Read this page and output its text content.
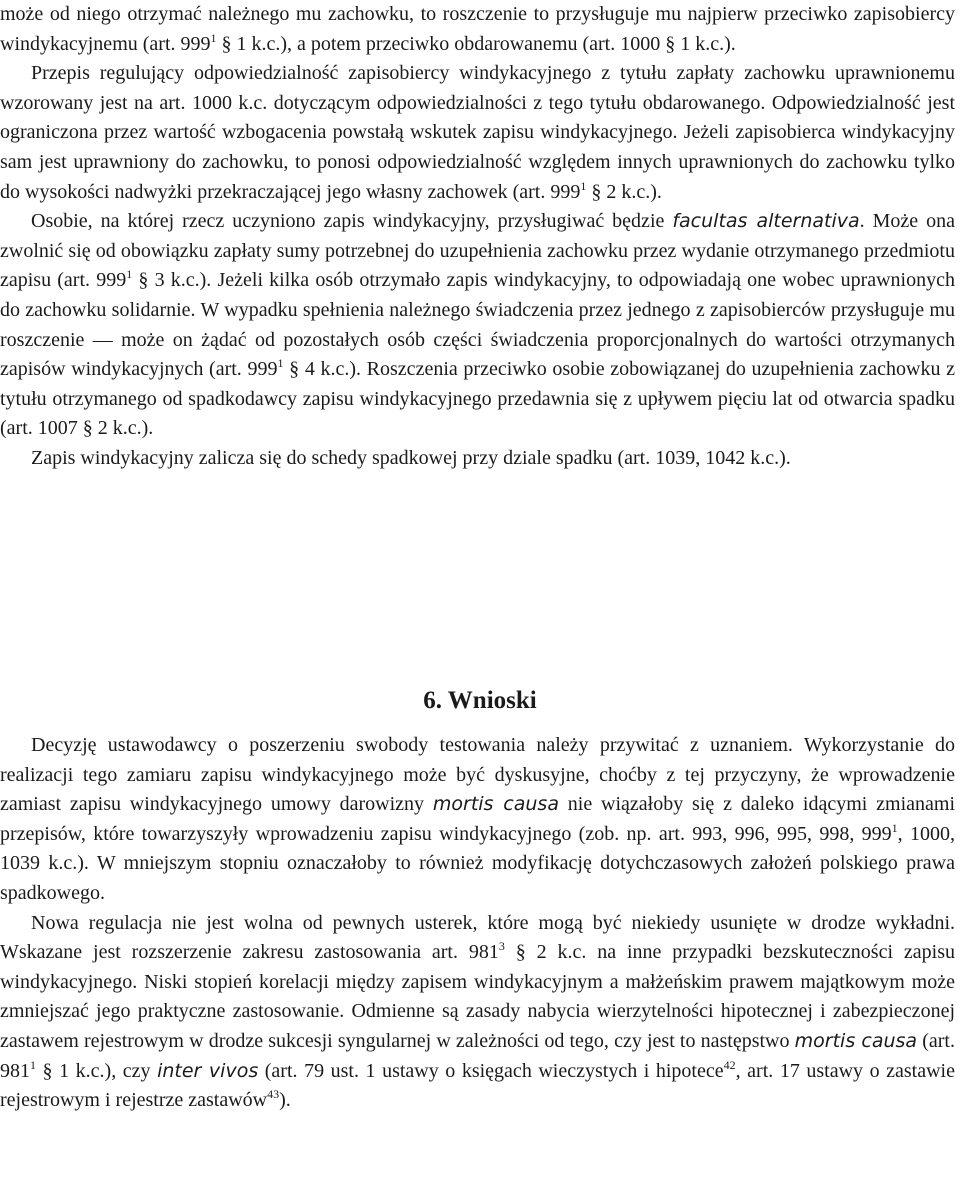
może od niego otrzymać należnego mu zachowku, to roszczenie to przysługuje mu najpierw przeciwko zapisobiercy windykacyjnemu (art. $999^1$ § 1 k.c.), a potem przeciwko obdarowanemu (art. 1000 § 1 k.c.).

Przepis regulujący odpowiedzialność zapisobiercy windykacyjnego z tytułu zapłaty zachowku uprawnionemu wzorowany jest na art. 1000 k.c. dotyczącym odpowiedzialności z tego tytułu obdarowanego. Odpowiedzialność jest ograniczona przez wartość wzbogacenia powstałą wskutek zapisu windykacyjnego. Jeżeli zapisobierca windykacyjny sam jest uprawniony do zachowku, to ponosi odpowiedzialność względem innych uprawnionych do zachowku tylko do wysokości nadwyżki przekraczającej jego własny zachowek (art. $999^1$ § 2 k.c.).

Osobie, na której rzecz uczyniono zapis windykacyjny, przysługiwać będzie facultas alternativa. Może ona zwolnić się od obowiązku zapłaty sumy potrzebnej do uzupełnienia zachowku przez wydanie otrzymanego przedmiotu zapisu (art. $999^1$ § 3 k.c.). Jeżeli kilka osób otrzymało zapis windykacyjny, to odpowiadają one wobec uprawnionych do zachowku solidarnie. W wypadku spełnienia należnego świadczenia przez jednego z zapisobierców przysługuje mu roszczenie — może on żądać od pozostałych osób części świadczenia proporcjonalnych do wartości otrzymanych zapisów windykacyjnych (art. $999^1$ § 4 k.c.). Roszczenia przeciwko osobie zobowiązanej do uzupełnienia zachowku z tytułu otrzymanego od spadkodawcy zapisu windykacyjnego przedawnia się z upływem pięciu lat od otwarcia spadku (art. 1007 § 2 k.c.).

Zapis windykacyjny zalicza się do schedy spadkowej przy dziale spadku (art. 1039, 1042 k.c.).

6. Wnioski

Decyzję ustawodawcy o poszerzeniu swobody testowania należy przywitać z uznaniem. Wykorzystanie do realizacji tego zamiaru zapisu windykacyjnego może być dyskusyjne, choćby z tej przyczyny, że wprowadzenie zamiast zapisu windykacyjnego umowy darowizny mortis causa nie wiązałoby się z daleko idącymi zmianami przepisów, które towarzyszyły wprowadzeniu zapisu windykacyjnego (zob. np. art. 993, 996, 995, 998, $999^1$, 1000, 1039 k.c.). W mniejszym stopniu oznaczałoby to również modyfikację dotychczasowych założeń polskiego prawa spadkowego.

Nowa regulacja nie jest wolna od pewnych usterek, które mogą być niekiedy usunięte w drodze wykładni. Wskazane jest rozszerzenie zakresu zastosowania art. $981^3$ § 2 k.c. na inne przypadki bezskuteczności zapisu windykacyjnego. Niski stopień korelacji między zapisem windykacyjnym a małżeńskim prawem majątkowym może zmniejszać jego praktyczne zastosowanie. Odmienne są zasady nabycia wierzytelności hipotecznej i zabezpieczonej zastawem rejestrowym w drodze sukcesji syngularnej w zależności od tego, czy jest to następstwo mortis causa (art. $981^1$ § 1 k.c.), czy inter vivos (art. 79 ust. 1 ustawy o księgach wieczystych i hipotece$^{42}$, art. 17 ustawy o zastawie rejestrowym i rejestrze zastawów$^{43}$).
